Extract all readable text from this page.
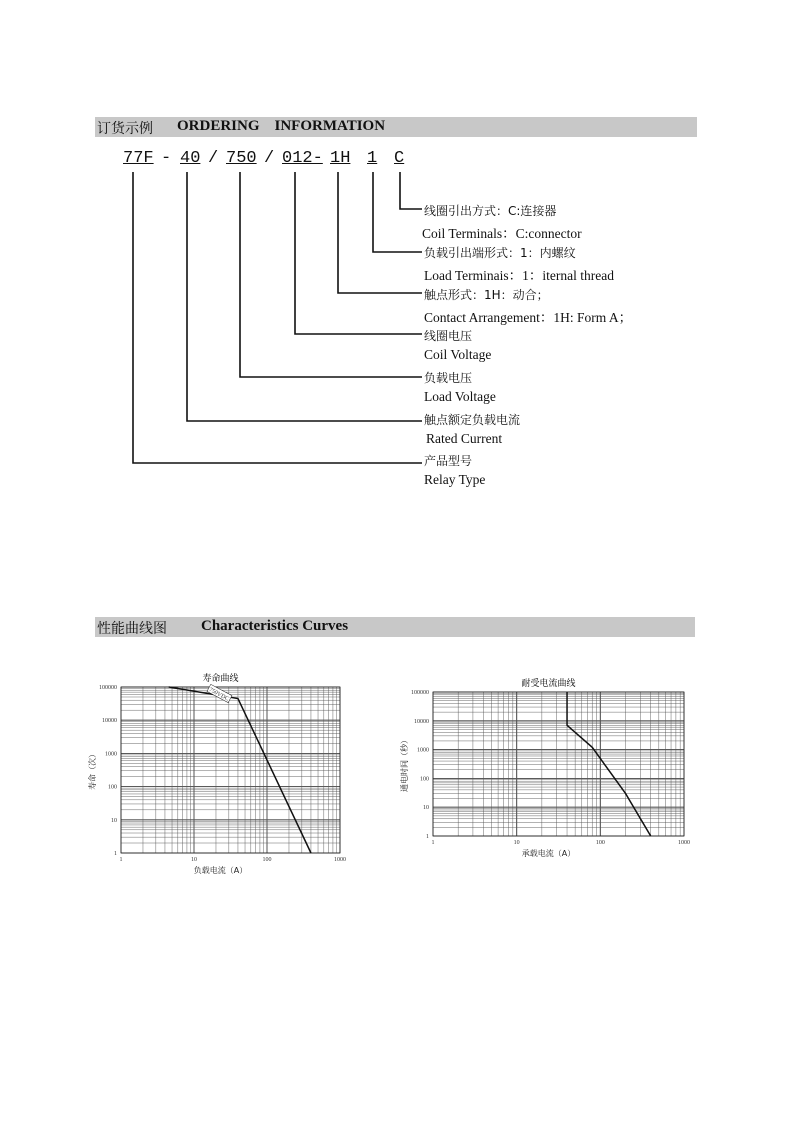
订货示例 ORDERING    INFORMATION
77F - 40 / 750 / 012- 1H 1 C
线圈引出方式：C:连接器
Coil Terminals：C:connector
负载引出端形式：1：内螺纹
Load Terminais：1：iternal thread
触点形式：1H：动合；
Contact Arrangement：1H: Form A；
线圈电压
Coil Voltage
负载电压
Load Voltage
触点额定负载电流
Rated Current
产品型号
Relay Type
性能曲线图 Characteristics Curves
1	10	100	1000
1
10
100
1000
10000
100000
寿命曲线
负载电流（A）
寿命（次）
750VDC
1	10	100	1000
1
10
100
1000
10000
100000
耐受电流曲线
承载电流（A）
通电时间（秒）
